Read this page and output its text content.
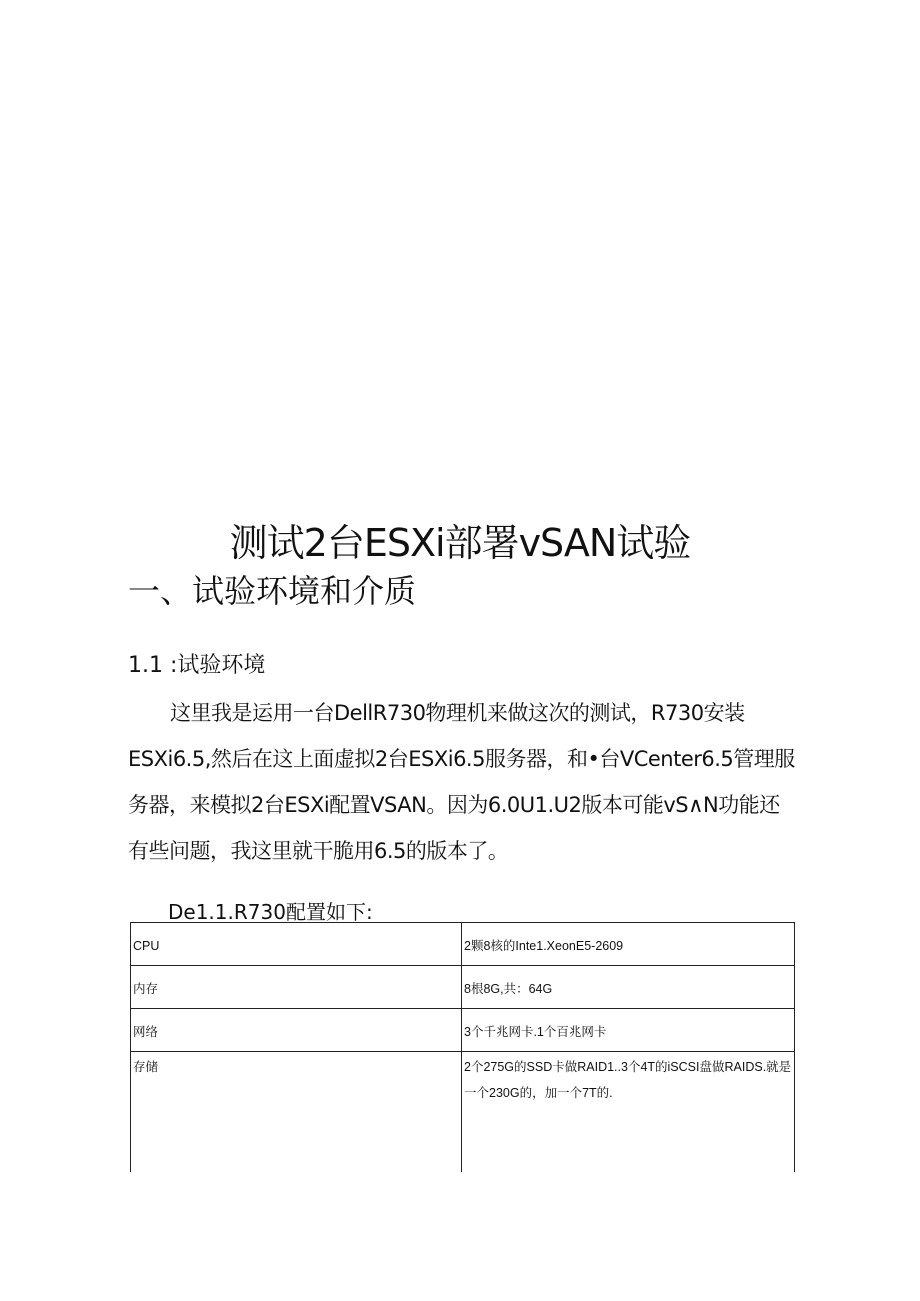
测试2台ESXi部署vSAN试验
一、试验环境和介质
1.1 :试验环境

这里我是运用一台DellR730物理机来做这次的测试，R730安装ESXi6.5,然后在这上面虚拟2台ESXi6.5服务器，和•台VCenter6.5管理服务器，来模拟2台ESXi配置VSAN。因为6.0U1.U2版本可能vS∧N功能还有些问题，我这里就干脆用6.5的版本了。

De1.1.R730配置如下:

CPU	2颗8核的Inte1.XeonE5-2609
内存	8根8G,共：64G
网络	3个千兆网卡.1个百兆网卡
存储	2个275G的SSD卡做RAID1..3个4T的iSCSI盘做RAIDS.就是一个230G的，加一个7T的.
